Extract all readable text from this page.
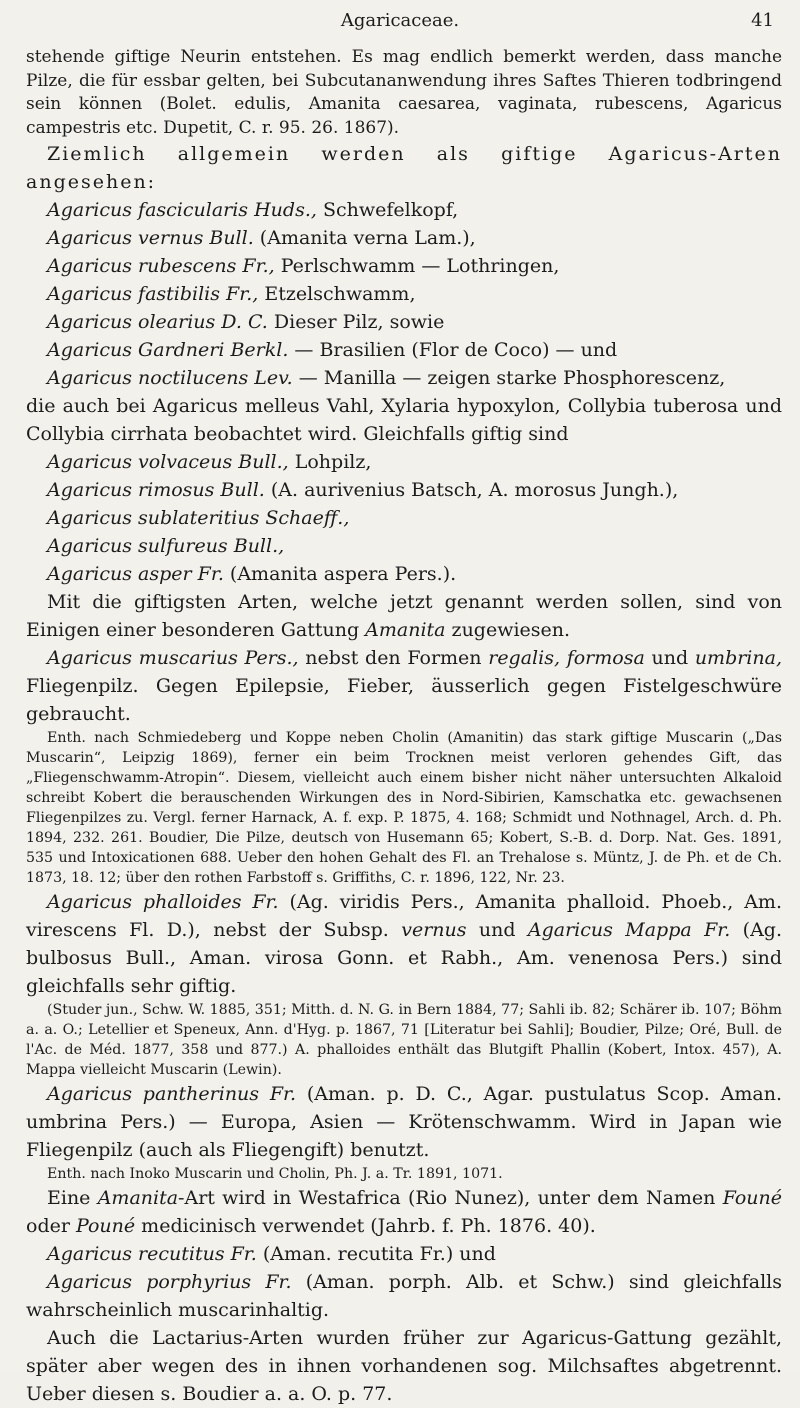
Agaricaceae.	41

stehende giftige Neurin entstehen. Es mag endlich bemerkt werden, dass manche Pilze, die für essbar gelten, bei Subcutananwendung ihres Saftes Thieren todbringend sein können (Bolet. edulis, Amanita caesarea, vaginata, rubescens, Agaricus campestris etc. Dupetit, C. r. 95. 26. 1867).

Ziemlich allgemein werden als giftige Agaricus-Arten angesehen:

Agaricus fascicularis Huds., Schwefelkopf,
Agaricus vernus Bull. (Amanita verna Lam.),
Agaricus rubescens Fr., Perlschwamm — Lothringen,
Agaricus fastibilis Fr., Etzelschwamm,
Agaricus olearius D. C. Dieser Pilz, sowie
Agaricus Gardneri Berkl. — Brasilien (Flor de Coco) — und
Agaricus noctilucens Lev. — Manilla — zeigen starke Phosphorescenz,

die auch bei Agaricus melleus Vahl, Xylaria hypoxylon, Collybia tuberosa und Collybia cirrhata beobachtet wird. Gleichfalls giftig sind

Agaricus volvaceus Bull., Lohpilz,
Agaricus rimosus Bull. (A. aurivenius Batsch, A. morosus Jungh.),
Agaricus sublateritius Schaeff.,
Agaricus sulfureus Bull.,
Agaricus asper Fr. (Amanita aspera Pers.).

Mit die giftigsten Arten, welche jetzt genannt werden sollen, sind von Einigen einer besonderen Gattung Amanita zugewiesen.

Agaricus muscarius Pers., nebst den Formen regalis, formosa und umbrina, Fliegenpilz. Gegen Epilepsie, Fieber, äusserlich gegen Fistelgeschwüre gebraucht.

Enth. nach Schmiedeberg und Koppe neben Cholin (Amanitin) das stark giftige Muscarin („Das Muscarin“, Leipzig 1869), ferner ein beim Trocknen meist verloren gehendes Gift, das „Fliegenschwamm-Atropin“. Diesem, vielleicht auch einem bisher nicht näher untersuchten Alkaloid schreibt Kobert die berauschenden Wirkungen des in Nord-Sibirien, Kamschatka etc. gewachsenen Fliegenpilzes zu. Vergl. ferner Harnack, A. f. exp. P. 1875, 4. 168; Schmidt und Nothnagel, Arch. d. Ph. 1894, 232. 261. Boudier, Die Pilze, deutsch von Husemann 65; Kobert, S.-B. d. Dorp. Nat. Ges. 1891, 535 und Intoxicationen 688. Ueber den hohen Gehalt des Fl. an Trehalose s. Müntz, J. de Ph. et de Ch. 1873, 18. 12; über den rothen Farbstoff s. Griffiths, C. r. 1896, 122, Nr. 23.

Agaricus phalloides Fr. (Ag. viridis Pers., Amanita phalloid. Phoeb., Am. virescens Fl. D.), nebst der Subsp. vernus und Agaricus Mappa Fr. (Ag. bulbosus Bull., Aman. virosa Gonn. et Rabh., Am. venenosa Pers.) sind gleichfalls sehr giftig.

(Studer jun., Schw. W. 1885, 351; Mitth. d. N. G. in Bern 1884, 77; Sahli ib. 82; Schärer ib. 107; Böhm a. a. O.; Letellier et Speneux, Ann. d'Hyg. p. 1867, 71 [Literatur bei Sahli]; Boudier, Pilze; Oré, Bull. de l'Ac. de Méd. 1877, 358 und 877.) A. phalloides enthält das Blutgift Phallin (Kobert, Intox. 457), A. Mappa vielleicht Muscarin (Lewin).

Agaricus pantherinus Fr. (Aman. p. D. C., Agar. pustulatus Scop. Aman. umbrina Pers.) — Europa, Asien — Krötenschwamm. Wird in Japan wie Fliegenpilz (auch als Fliegengift) benutzt.

Enth. nach Inoko Muscarin und Cholin, Ph. J. a. Tr. 1891, 1071.

Eine Amanita-Art wird in Westafrica (Rio Nunez), unter dem Namen Founé oder Pouné medicinisch verwendet (Jahrb. f. Ph. 1876. 40).

Agaricus recutitus Fr. (Aman. recutita Fr.) und

Agaricus porphyrius Fr. (Aman. porph. Alb. et Schw.) sind gleichfalls wahrscheinlich muscarinhaltig.

Auch die Lactarius-Arten wurden früher zur Agaricus-Gattung gezählt, später aber wegen des in ihnen vorhandenen sog. Milchsaftes abgetrennt. Ueber diesen s. Boudier a. a. O. p. 77.
